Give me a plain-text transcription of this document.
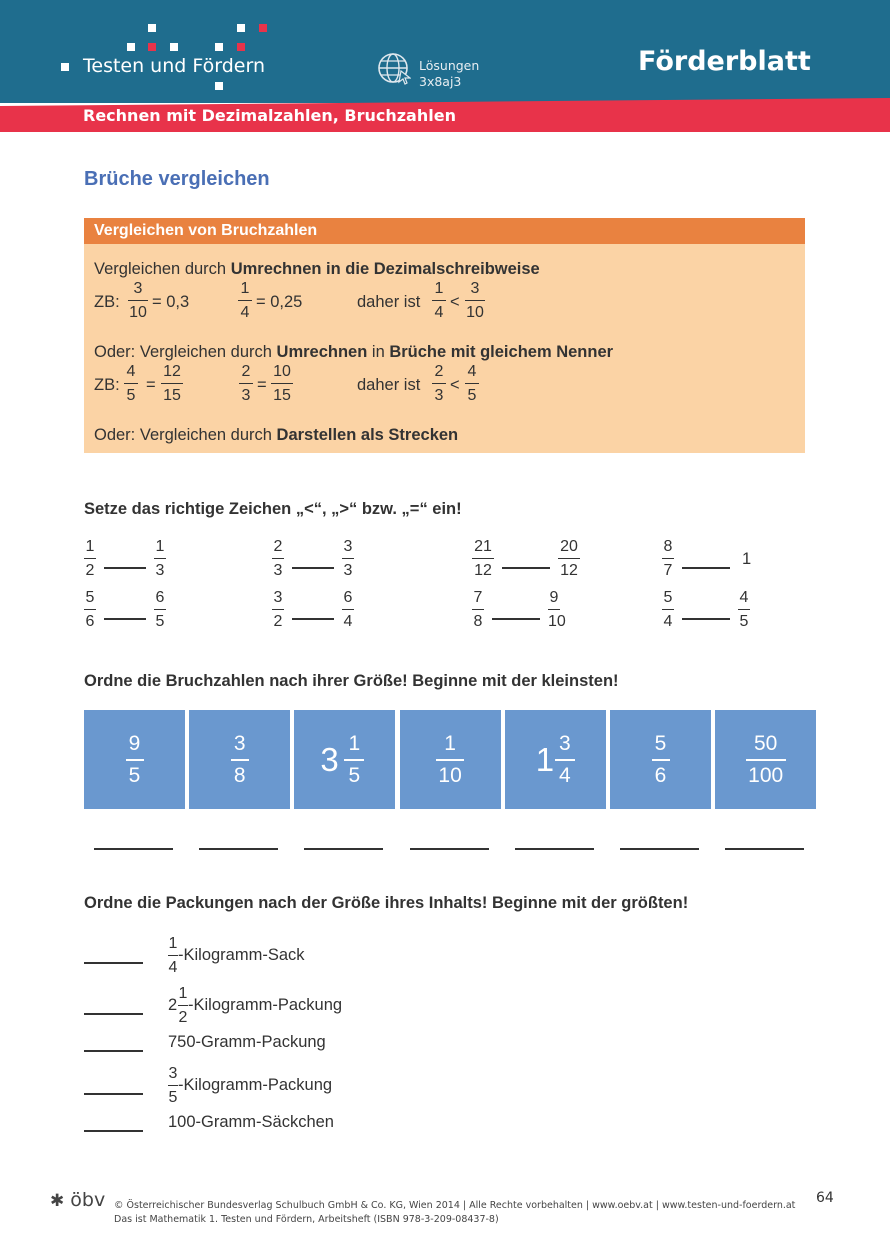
Testen und Fördern	Lösungen
3x8aj3
Förderblatt
Rechnen mit Dezimalzahlen, Bruchzahlen
Brüche vergleichen
Vergleichen von Bruchzahlen
Vergleichen durch Umrechnen in die Dezimalschreibweise
ZB:
3
10
= 0,3
1
4
= 0,25	daher ist
1
4
<
3
10
Oder: Vergleichen durch Umrechnen in Brüche mit gleichem Nenner
ZB:
4
5
=
12
15
2
3
=
10
15
daher ist
2
3
<
4
5
Oder: Vergleichen durch Darstellen als Strecken
Setze das richtige Zeichen „<“, „>“ bzw. „=“ ein!
1
2
1
3
2
3
3
3
21
12
20
12
8
7
1
5
6
6
5
3
2
6
4
7
8
9
10
5
4
4
5
Ordne die Bruchzahlen nach ihrer Größe! Beginne mit der kleinsten!
9
5
3
8 3 1
5
1
10 1 3
4
5
6
50
100
Ordne die Packungen nach der Größe ihres Inhalts! Beginne mit der größten!
1
4
-Kilogramm-Sack
2
1
2
-Kilogramm-Packung
750-Gramm-Packung
3
5
-Kilogramm-Packung
100-Gramm-Säckchen
✱ öbv © Österreichischer Bundesverlag Schulbuch GmbH & Co. KG, Wien 2014 | Alle Rechte vorbehalten | www.oebv.at | www.testen-und-foerdern.at
Das ist Mathematik 1. Testen und Fördern, Arbeitsheft (ISBN 978-3-209-08437-8)
64
